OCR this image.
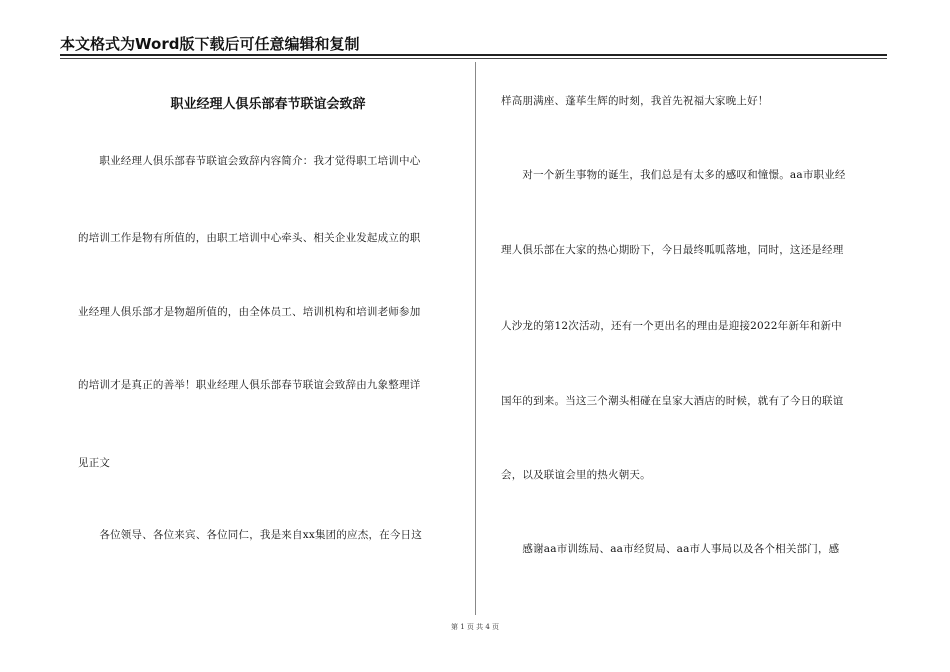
本文格式为Word版下载后可任意编辑和复制
职业经理人俱乐部春节联谊会致辞
　　职业经理人俱乐部春节联谊会致辞内容简介：我才觉得职工培训中心
的培训工作是物有所值的，由职工培训中心牵头、相关企业发起成立的职
业经理人俱乐部才是物超所值的，由全体员工、培训机构和培训老师参加
的培训才是真正的善举！职业经理人俱乐部春节联谊会致辞由九象整理详
见正文
　　各位领导、各位来宾、各位同仁，我是来自xx集团的应杰，在今日这
样高朋满座、蓬荜生辉的时刻，我首先祝福大家晚上好！
　　对一个新生事物的诞生，我们总是有太多的感叹和憧憬。aa市职业经
理人俱乐部在大家的热心期盼下，今日最终呱呱落地，同时，这还是经理
人沙龙的第12次活动，还有一个更出名的理由是迎接2022年新年和新中
国年的到来。当这三个潮头相碰在皇家大酒店的时候，就有了今日的联谊
会，以及联谊会里的热火朝天。
　　感谢aa市训练局、aa市经贸局、aa市人事局以及各个相关部门，感
第 1 页 共 4 页
